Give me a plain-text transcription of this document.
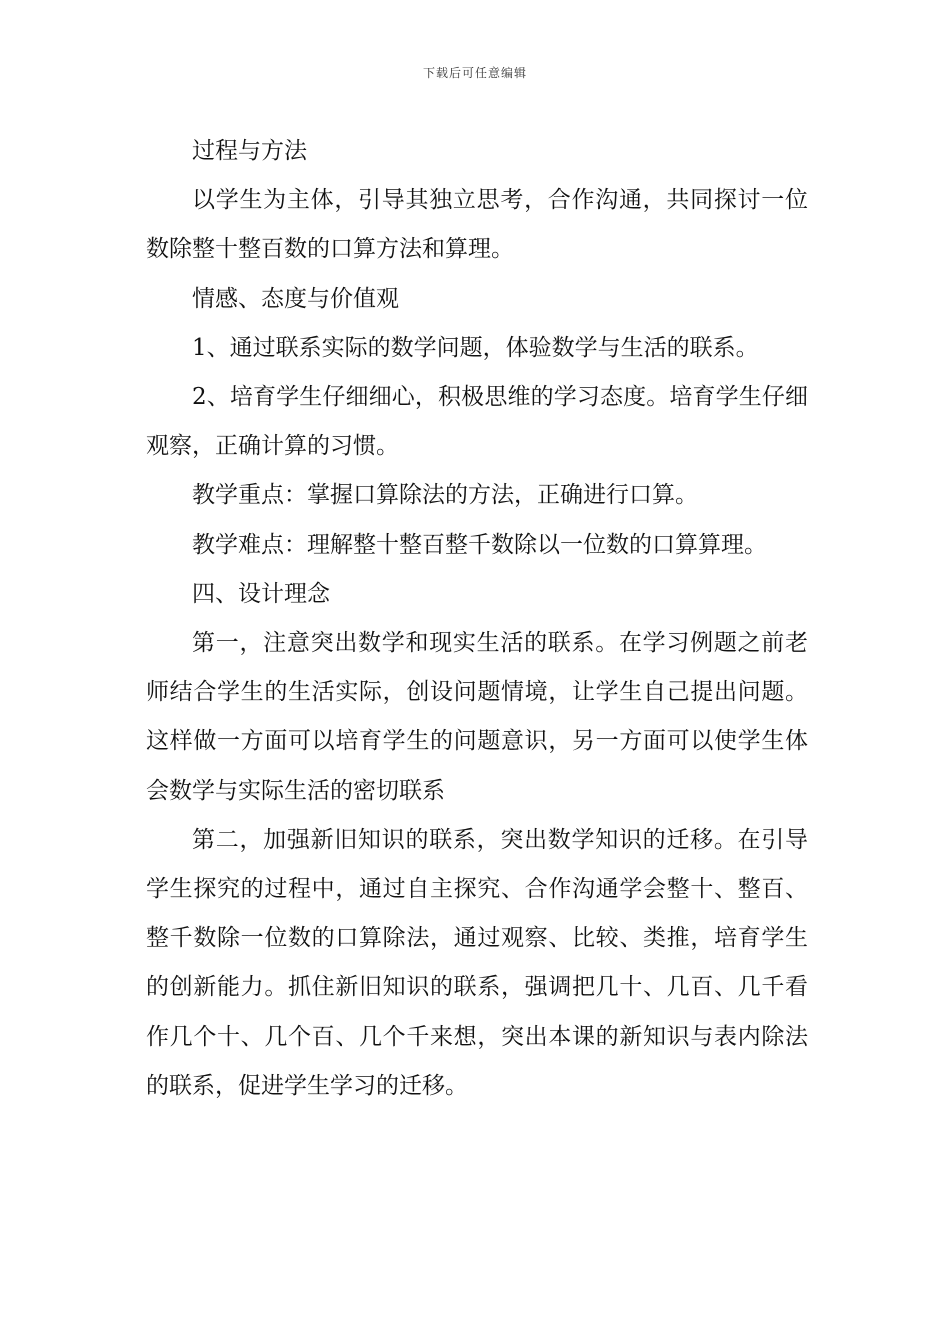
下载后可任意编辑

过程与方法

以学生为主体，引导其独立思考，合作沟通，共同探讨一位数除整十整百数的口算方法和算理。

情感、态度与价值观

1、通过联系实际的数学问题，体验数学与生活的联系。

2、培育学生仔细细心，积极思维的学习态度。培育学生仔细观察，正确计算的习惯。

教学重点：掌握口算除法的方法，正确进行口算。

教学难点：理解整十整百整千数除以一位数的口算算理。

四、设计理念

第一，注意突出数学和现实生活的联系。在学习例题之前老师结合学生的生活实际，创设问题情境，让学生自己提出问题。这样做一方面可以培育学生的问题意识，另一方面可以使学生体会数学与实际生活的密切联系

第二，加强新旧知识的联系，突出数学知识的迁移。在引导学生探究的过程中，通过自主探究、合作沟通学会整十、整百、整千数除一位数的口算除法，通过观察、比较、类推，培育学生的创新能力。抓住新旧知识的联系，强调把几十、几百、几千看作几个十、几个百、几个千来想，突出本课的新知识与表内除法的联系，促进学生学习的迁移。
